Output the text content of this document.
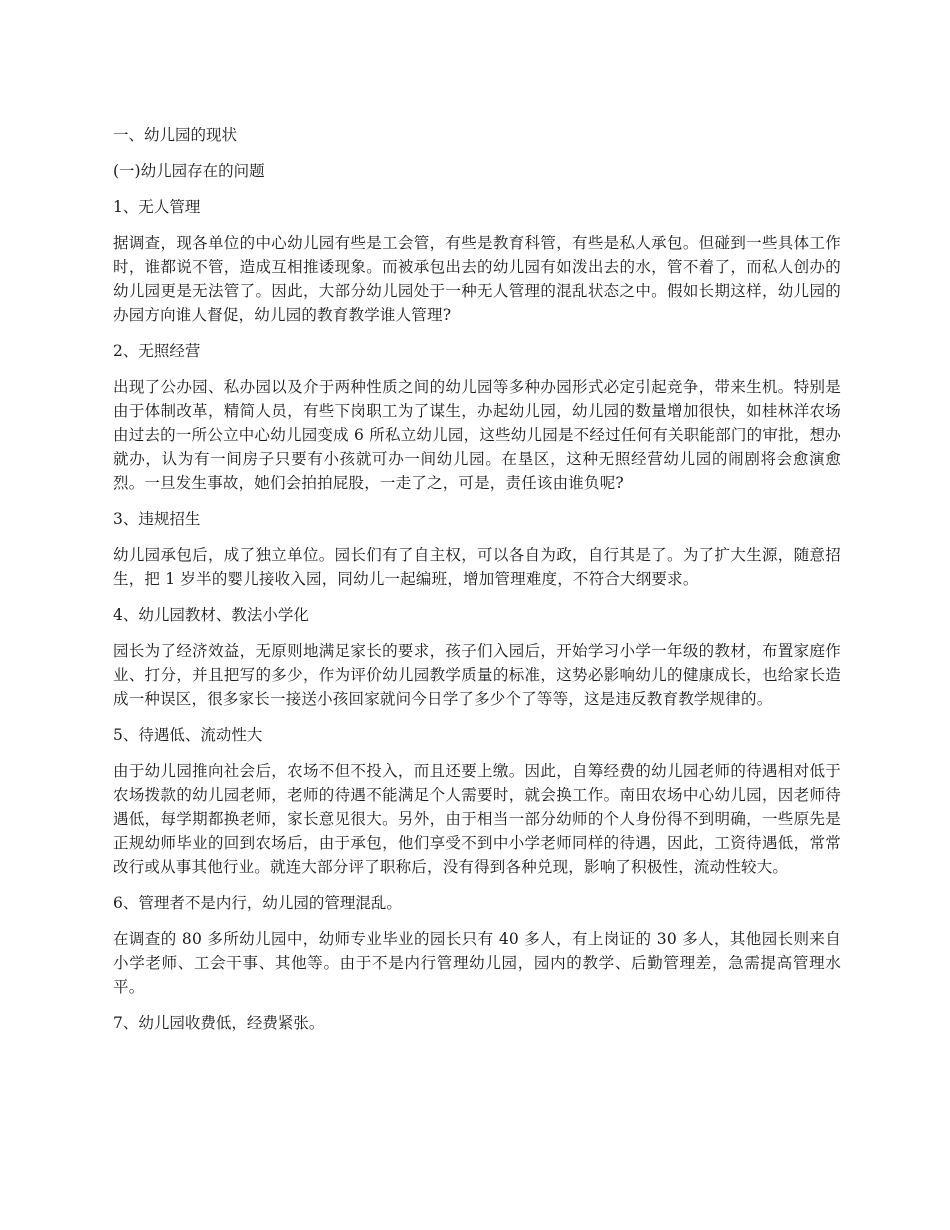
一、幼儿园的现状
(一)幼儿园存在的问题
1、无人管理
据调查，现各单位的中心幼儿园有些是工会管，有些是教育科管，有些是私人承包。但碰到一些具体工作时，谁都说不管，造成互相推诿现象。而被承包出去的幼儿园有如泼出去的水，管不着了，而私人创办的幼儿园更是无法管了。因此，大部分幼儿园处于一种无人管理的混乱状态之中。假如长期这样，幼儿园的办园方向谁人督促，幼儿园的教育教学谁人管理?
2、无照经营
出现了公办园、私办园以及介于两种性质之间的幼儿园等多种办园形式必定引起竞争，带来生机。特别是由于体制改革，精简人员，有些下岗职工为了谋生，办起幼儿园，幼儿园的数量增加很快，如桂林洋农场由过去的一所公立中心幼儿园变成 6 所私立幼儿园，这些幼儿园是不经过任何有关职能部门的审批，想办就办，认为有一间房子只要有小孩就可办一间幼儿园。在垦区，这种无照经营幼儿园的闹剧将会愈演愈烈。一旦发生事故，她们会拍拍屁股，一走了之，可是，责任该由谁负呢?
3、违规招生
幼儿园承包后，成了独立单位。园长们有了自主权，可以各自为政，自行其是了。为了扩大生源，随意招生，把 1 岁半的婴儿接收入园，同幼儿一起编班，增加管理难度，不符合大纲要求。
4、幼儿园教材、教法小学化
园长为了经济效益，无原则地满足家长的要求，孩子们入园后，开始学习小学一年级的教材，布置家庭作业、打分，并且把写的多少，作为评价幼儿园教学质量的标准，这势必影响幼儿的健康成长，也给家长造成一种误区，很多家长一接送小孩回家就问今日学了多少个了等等，这是违反教育教学规律的。
5、待遇低、流动性大
由于幼儿园推向社会后，农场不但不投入，而且还要上缴。因此，自筹经费的幼儿园老师的待遇相对低于农场拨款的幼儿园老师，老师的待遇不能满足个人需要时，就会换工作。南田农场中心幼儿园，因老师待遇低，每学期都换老师，家长意见很大。另外，由于相当一部分幼师的个人身份得不到明确，一些原先是正规幼师毕业的回到农场后，由于承包，他们享受不到中小学老师同样的待遇，因此，工资待遇低，常常改行或从事其他行业。就连大部分评了职称后，没有得到各种兑现，影响了积极性，流动性较大。
6、管理者不是内行，幼儿园的管理混乱。
在调查的 80 多所幼儿园中，幼师专业毕业的园长只有 40 多人，有上岗证的 30 多人，其他园长则来自小学老师、工会干事、其他等。由于不是内行管理幼儿园，园内的教学、后勤管理差，急需提高管理水平。
7、幼儿园收费低，经费紧张。
